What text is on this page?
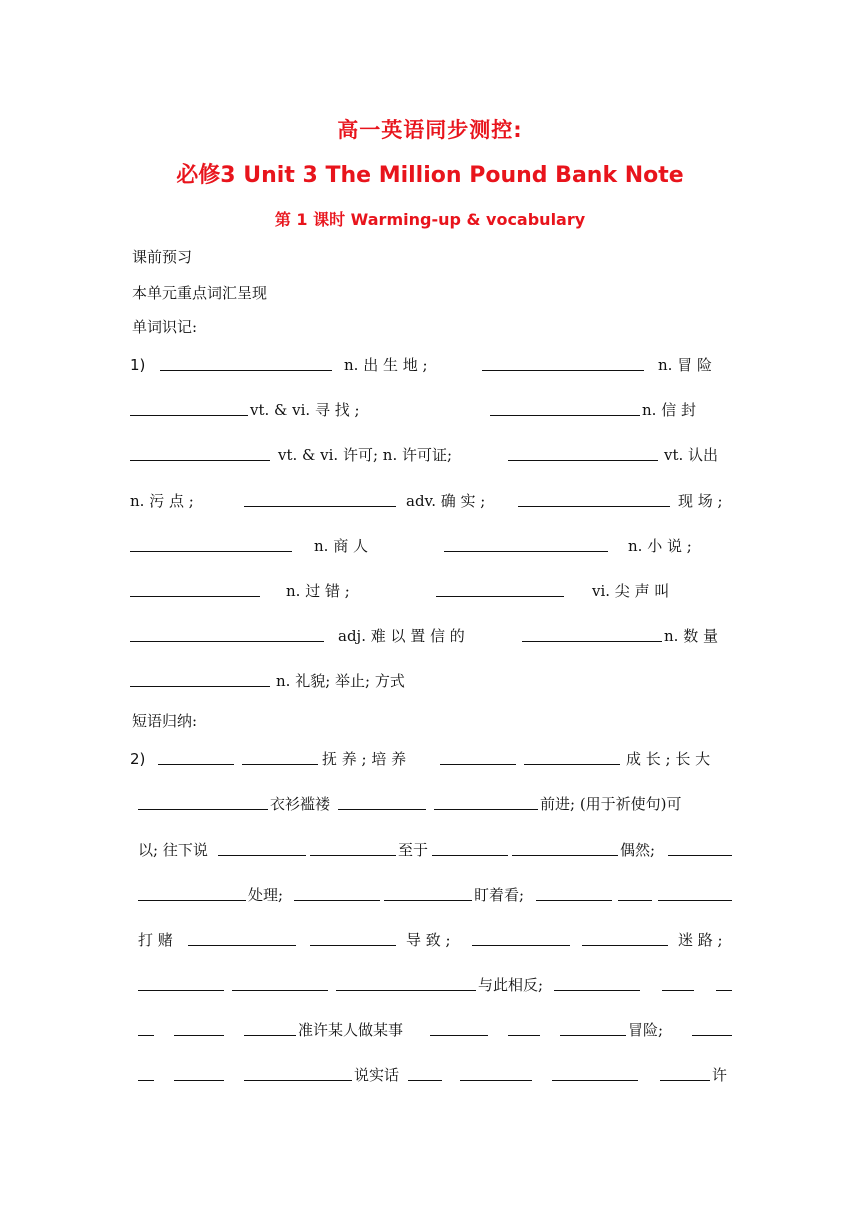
高一英语同步测控:
必修3 Unit 3 The Million Pound Bank Note
第 1 课时 Warming-up & vocabulary
课前预习
本单元重点词汇呈现
单词识记:
1)	n. 出 生 地 ;	n. 冒 险
vt. & vi. 寻 找 ;	n. 信 封
vt. & vi. 许可; n. 许可证;	vt. 认出
n. 污 点 ;	adv. 确 实 ;	现 场 ;
n. 商 人	n. 小 说 ;
n. 过 错 ;	vi. 尖 声 叫
adj. 难 以 置 信 的	n. 数 量
n. 礼貌; 举止; 方式
短语归纳:
2)	抚 养 ; 培 养	成 长 ; 长 大
衣衫褴褛	前进; (用于祈使句)可
以; 往下说	至于	偶然;
处理;	盯着看;
打 赌	导 致 ;	迷 路 ;
与此相反;
准许某人做某事	冒险;
说实话	许
